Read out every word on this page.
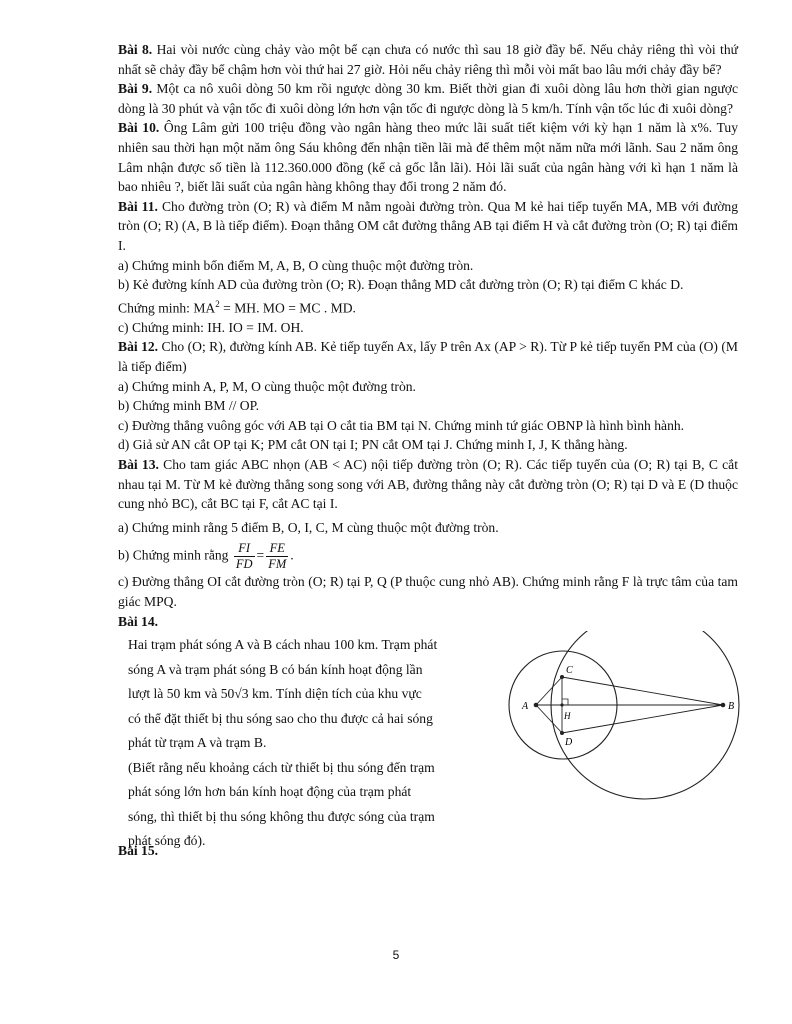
Bài 8. Hai vòi nước cùng chảy vào một bể cạn chưa có nước thì sau 18 giờ đầy bể. Nếu chảy riêng thì vòi thứ nhất sẽ chảy đầy bể chậm hơn vòi thứ hai 27 giờ. Hỏi nếu chảy riêng thì mỗi vòi mất bao lâu mới chảy đầy bể?

Bài 9. Một ca nô xuôi dòng 50 km rồi ngược dòng 30 km. Biết thời gian đi xuôi dòng lâu hơn thời gian ngược dòng là 30 phút và vận tốc đi xuôi dòng lớn hơn vận tốc đi ngược dòng là 5 km/h. Tính vận tốc lúc đi xuôi dòng?

Bài 10. Ông Lâm gửi 100 triệu đồng vào ngân hàng theo mức lãi suất tiết kiệm với kỳ hạn 1 năm là x%. Tuy nhiên sau thời hạn một năm ông Sáu không đến nhận tiền lãi mà để thêm một năm nữa mới lãnh. Sau 2 năm ông Lâm nhận được số tiền là 112.360.000 đồng (kể cả gốc lẫn lãi). Hỏi lãi suất của ngân hàng với kì hạn 1 năm là bao nhiêu ?, biết lãi suất của ngân hàng không thay đổi trong 2 năm đó.

Bài 11. Cho đường tròn (O; R) và điểm M nằm ngoài đường tròn. Qua M kẻ hai tiếp tuyến MA, MB với đường tròn (O; R) (A, B là tiếp điểm). Đoạn thẳng OM cắt đường thẳng AB tại điểm H và cắt đường tròn (O; R) tại điểm I.

a) Chứng minh bốn điểm M, A, B, O cùng thuộc một đường tròn.

b) Kẻ đường kính AD của đường tròn (O; R). Đoạn thẳng MD cắt đường tròn (O; R) tại điểm C khác D.

Chứng minh: $MA^2$ = MH. MO = MC . MD.

c) Chứng minh: IH. IO = IM. OH.

Bài 12. Cho (O; R), đường kính AB. Kẻ tiếp tuyến Ax, lấy P trên Ax (AP > R). Từ P kẻ tiếp tuyến PM của (O) (M là tiếp điểm)

a) Chứng minh A, P, M, O cùng thuộc một đường tròn.

b) Chứng minh BM // OP.

c) Đường thẳng vuông góc với AB tại O cắt tia BM tại N. Chứng minh tứ giác OBNP là hình bình hành.

d) Giả sử AN cắt OP tại K; PM cắt ON tại I; PN cắt OM tại J. Chứng minh I, J, K thẳng hàng.

Bài 13. Cho tam giác ABC nhọn (AB < AC) nội tiếp đường tròn (O; R). Các tiếp tuyến của (O; R) tại B, C cắt nhau tại M. Từ M kẻ đường thẳng song song với AB, đường thẳng này cắt đường tròn (O; R) tại D và E (D thuộc cung nhỏ BC), cắt BC tại F, cắt AC tại I.

a) Chứng minh rằng 5 điểm B, O, I, C, M cùng thuộc một đường tròn.

b) Chứng minh rằng $\frac{FI}{FD} = \frac{FE}{FM}$ .

c) Đường thẳng OI cắt đường tròn (O; R) tại P, Q (P thuộc cung nhỏ AB). Chứng minh rằng F là trực tâm của tam giác MPQ.

Bài 14.

Hai trạm phát sóng A và B cách nhau 100 km. Trạm phát

sóng A và trạm phát sóng B có bán kính hoạt động lần

lượt là 50 km và 50√3 km. Tính diện tích của khu vực

có thể đặt thiết bị thu sóng sao cho thu được cả hai sóng

phát từ trạm A và trạm B.

(Biết rằng nếu khoảng cách từ thiết bị thu sóng đến trạm

phát sóng lớn hơn bán kính hoạt động của trạm phát

sóng, thì thiết bị thu sóng không thu được sóng của trạm

phát sóng đó).

A	B
C
D
H

Bài 15.

5
